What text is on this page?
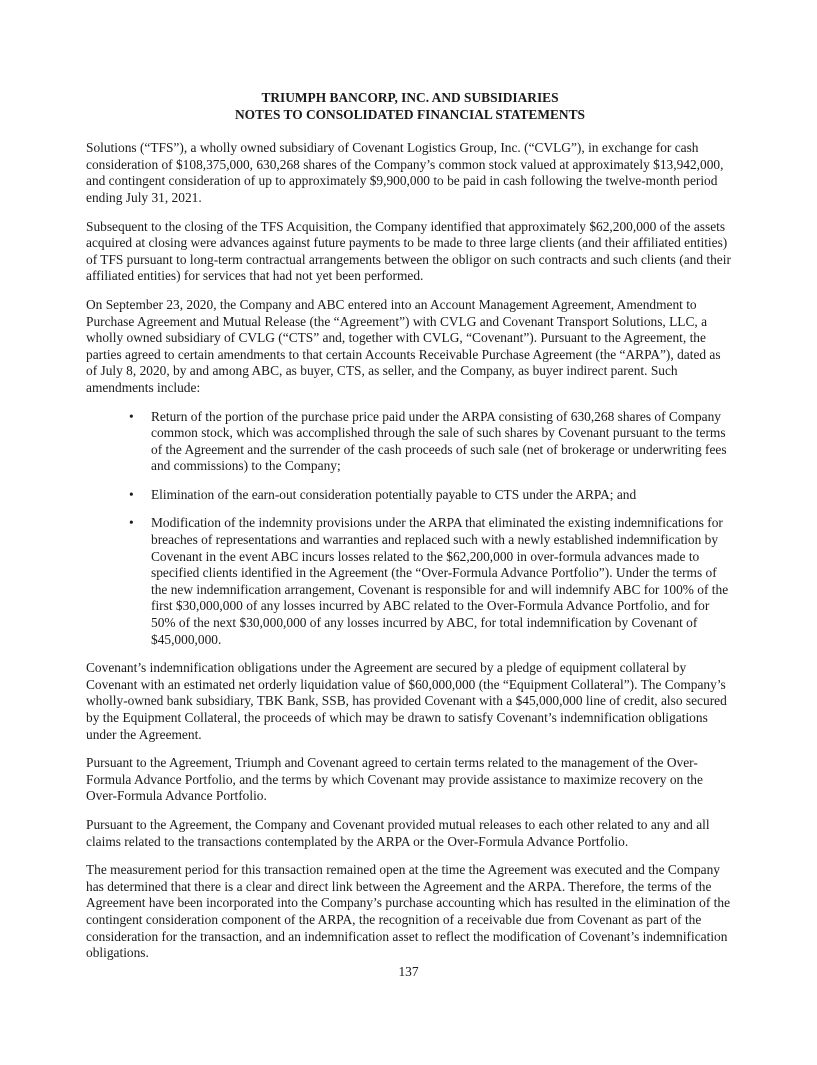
TRIUMPH BANCORP, INC. AND SUBSIDIARIES
NOTES TO CONSOLIDATED FINANCIAL STATEMENTS

Solutions (“TFS”), a wholly owned subsidiary of Covenant Logistics Group, Inc. (“CVLG”), in exchange for cash consideration of $108,375,000, 630,268 shares of the Company’s common stock valued at approximately $13,942,000, and contingent consideration of up to approximately $9,900,000 to be paid in cash following the twelve-month period ending July 31, 2021.

Subsequent to the closing of the TFS Acquisition, the Company identified that approximately $62,200,000 of the assets acquired at closing were advances against future payments to be made to three large clients (and their affiliated entities) of TFS pursuant to long-term contractual arrangements between the obligor on such contracts and such clients (and their affiliated entities) for services that had not yet been performed.

On September 23, 2020, the Company and ABC entered into an Account Management Agreement, Amendment to Purchase Agreement and Mutual Release (the “Agreement”) with CVLG and Covenant Transport Solutions, LLC, a wholly owned subsidiary of CVLG (“CTS” and, together with CVLG, “Covenant”). Pursuant to the Agreement, the parties agreed to certain amendments to that certain Accounts Receivable Purchase Agreement (the “ARPA”), dated as of July 8, 2020, by and among ABC, as buyer, CTS, as seller, and the Company, as buyer indirect parent. Such amendments include:

•	Return of the portion of the purchase price paid under the ARPA consisting of 630,268 shares of Company common stock, which was accomplished through the sale of such shares by Covenant pursuant to the terms of the Agreement and the surrender of the cash proceeds of such sale (net of brokerage or underwriting fees and commissions) to the Company;
•	Elimination of the earn-out consideration potentially payable to CTS under the ARPA; and
•	Modification of the indemnity provisions under the ARPA that eliminated the existing indemnifications for breaches of representations and warranties and replaced such with a newly established indemnification by Covenant in the event ABC incurs losses related to the $62,200,000 in over-formula advances made to specified clients identified in the Agreement (the “Over-Formula Advance Portfolio”). Under the terms of the new indemnification arrangement, Covenant is responsible for and will indemnify ABC for 100% of the first $30,000,000 of any losses incurred by ABC related to the Over-Formula Advance Portfolio, and for 50% of the next $30,000,000 of any losses incurred by ABC, for total indemnification by Covenant of $45,000,000.

Covenant’s indemnification obligations under the Agreement are secured by a pledge of equipment collateral by Covenant with an estimated net orderly liquidation value of $60,000,000 (the “Equipment Collateral”). The Company’s wholly-owned bank subsidiary, TBK Bank, SSB, has provided Covenant with a $45,000,000 line of credit, also secured by the Equipment Collateral, the proceeds of which may be drawn to satisfy Covenant’s indemnification obligations under the Agreement.

Pursuant to the Agreement, Triumph and Covenant agreed to certain terms related to the management of the Over-Formula Advance Portfolio, and the terms by which Covenant may provide assistance to maximize recovery on the Over-Formula Advance Portfolio.

Pursuant to the Agreement, the Company and Covenant provided mutual releases to each other related to any and all claims related to the transactions contemplated by the ARPA or the Over-Formula Advance Portfolio.

The measurement period for this transaction remained open at the time the Agreement was executed and the Company has determined that there is a clear and direct link between the Agreement and the ARPA. Therefore, the terms of the Agreement have been incorporated into the Company’s purchase accounting which has resulted in the elimination of the contingent consideration component of the ARPA, the recognition of a receivable due from Covenant as part of the consideration for the transaction, and an indemnification asset to reflect the modification of Covenant’s indemnification obligations.

137
